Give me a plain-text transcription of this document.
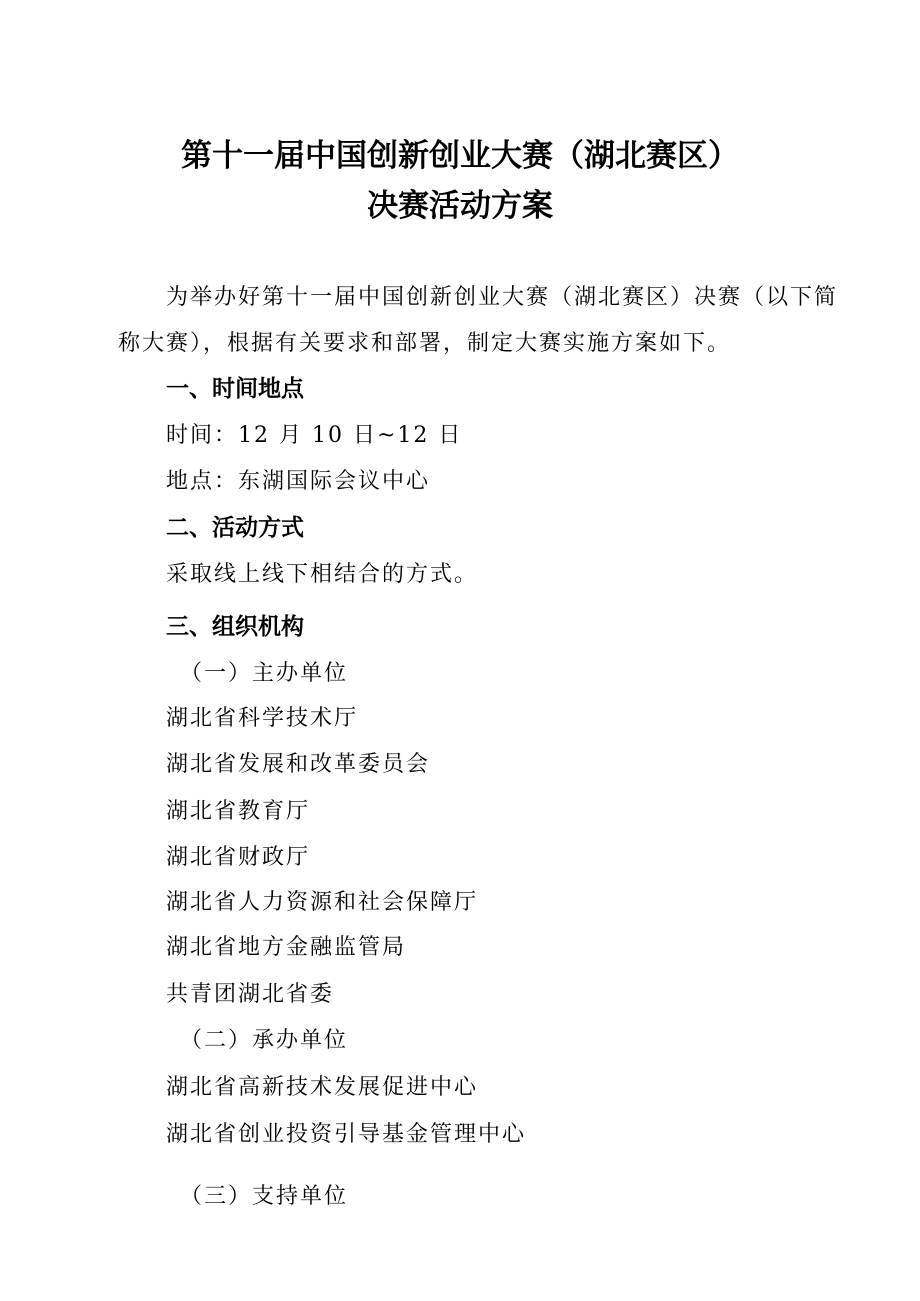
第十一届中国创新创业大赛（湖北赛区）
决赛活动方案
为举办好第十一届中国创新创业大赛（湖北赛区）决赛（以下简
称大赛），根据有关要求和部署，制定大赛实施方案如下。
一、时间地点
时间：12 月 10 日~12 日
地点：东湖国际会议中心
二、活动方式
采取线上线下相结合的方式。
三、组织机构
（一）主办单位
湖北省科学技术厅
湖北省发展和改革委员会
湖北省教育厅
湖北省财政厅
湖北省人力资源和社会保障厅
湖北省地方金融监管局
共青团湖北省委
（二）承办单位
湖北省高新技术发展促进中心
湖北省创业投资引导基金管理中心
（三）支持单位
